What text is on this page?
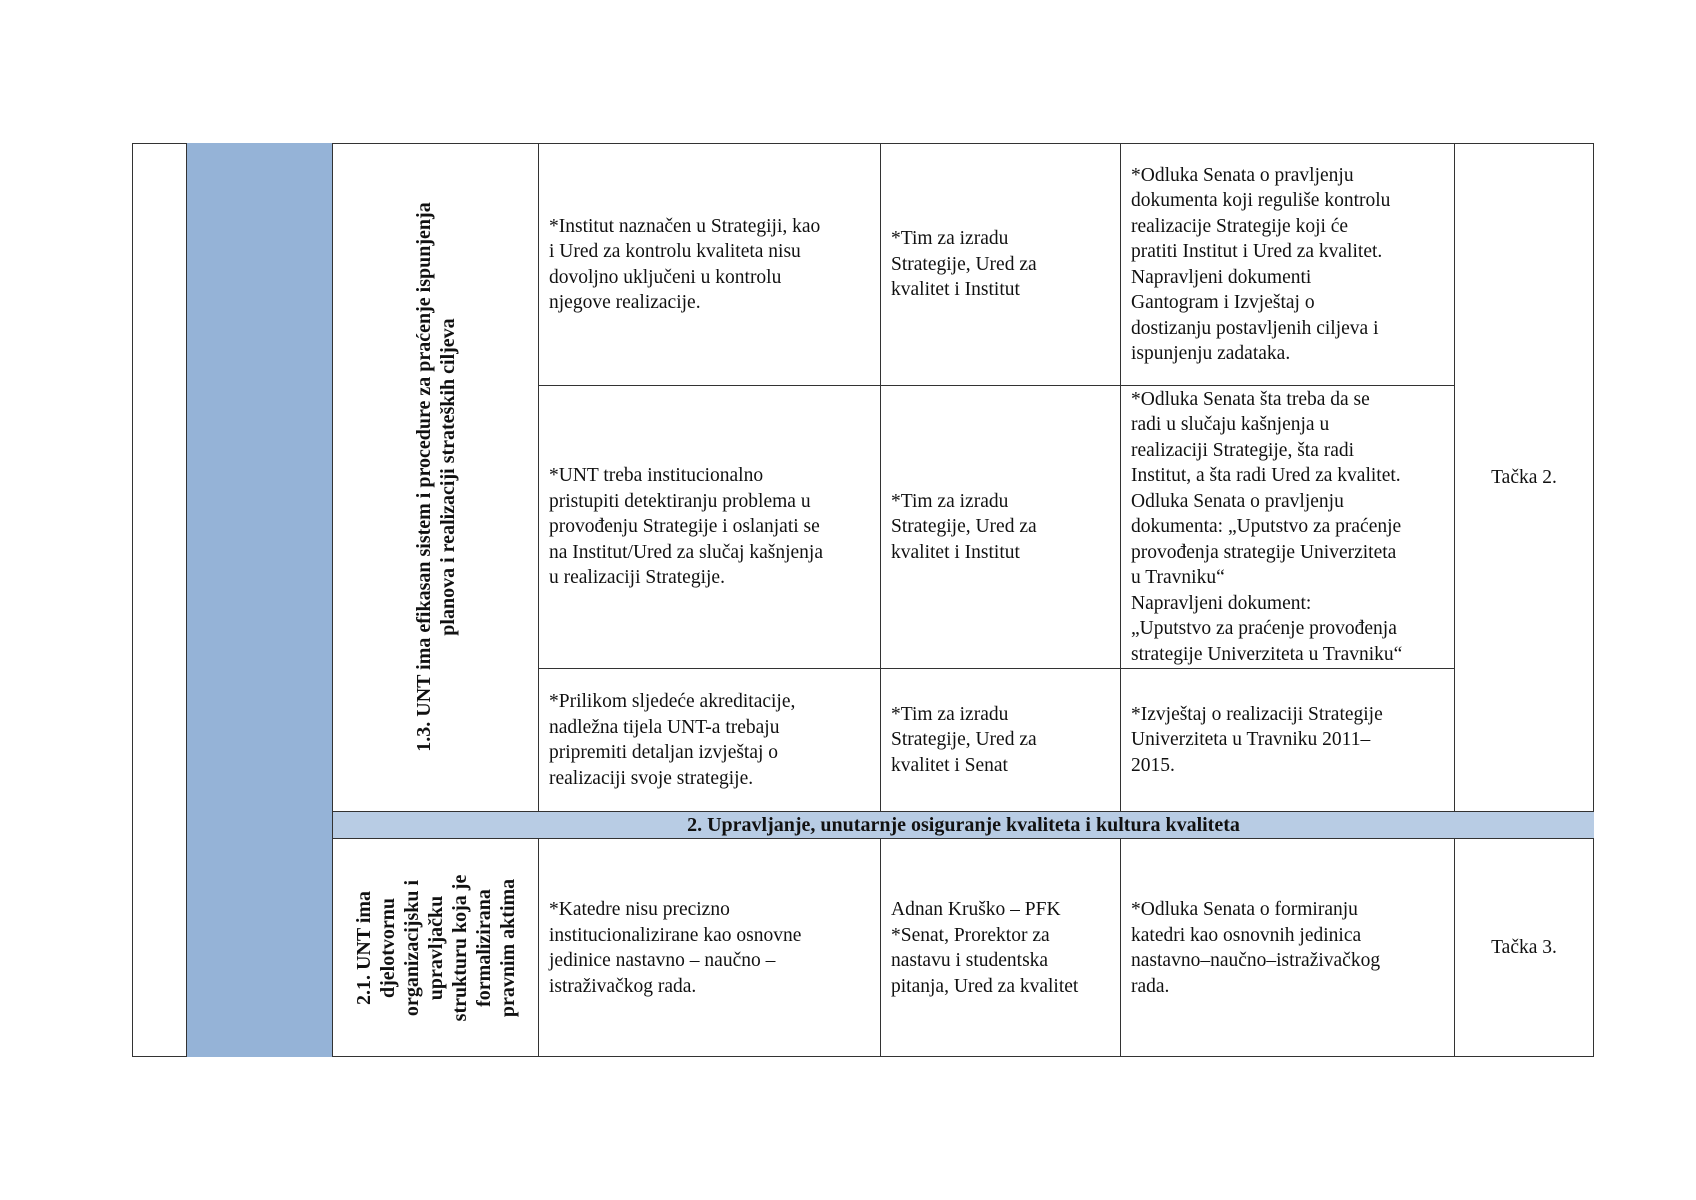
1.3. UNT ima efikasan sistem i procedure za praćenje ispunjenja planova i realizaciji strateških ciljeva
*Institut naznačen u Strategiji, kao
i Ured za kontrolu kvaliteta nisu
dovoljno uključeni u kontrolu
njegove realizacije.
*Tim za izradu
Strategije, Ured za
kvalitet i Institut
*Odluka Senata o pravljenju
dokumenta koji reguliše kontrolu
realizacije Strategije koji će
pratiti Institut i Ured za kvalitet.
Napravljeni dokumenti
Gantogram i Izvještaj o
dostizanju postavljenih ciljeva i
ispunjenju zadataka.
*UNT treba institucionalno
pristupiti detektiranju problema u
provođenju Strategije i oslanjati se
na Institut/Ured za slučaj kašnjenja
u realizaciji Strategije.
*Tim za izradu
Strategije, Ured za
kvalitet i Institut
*Odluka Senata šta treba da se
radi u slučaju kašnjenja u
realizaciji Strategije, šta radi
Institut, a šta radi Ured za kvalitet.
Odluka Senata o pravljenju
dokumenta: „Uputstvo za praćenje
provođenja strategije Univerziteta
u Travniku“
Napravljeni dokument:
„Uputstvo za praćenje provođenja
strategije Univerziteta u Travniku“
*Prilikom sljedeće akreditacije,
nadležna tijela UNT-a trebaju
pripremiti detaljan izvještaj o
realizaciji svoje strategije.
*Tim za izradu
Strategije, Ured za
kvalitet i Senat
*Izvještaj o realizaciji Strategije
Univerziteta u Travniku 2011–
2015.
Tačka 2.
2. Upravljanje, unutarnje osiguranje kvaliteta i kultura kvaliteta
2.1. UNT ima djelotvornu organizacijsku i upravljačku strukturu koja je formalizirana pravnim aktima *Katedre nisu precizno
institucionalizirane kao osnovne
jedinice nastavno – naučno –
istraživačkog rada.
Adnan Kruško – PFK
*Senat, Prorektor za
nastavu i studentska
pitanja, Ured za kvalitet
*Odluka Senata o formiranju
katedri kao osnovnih jedinica
nastavno–naučno–istraživačkog
rada.
Tačka 3.
